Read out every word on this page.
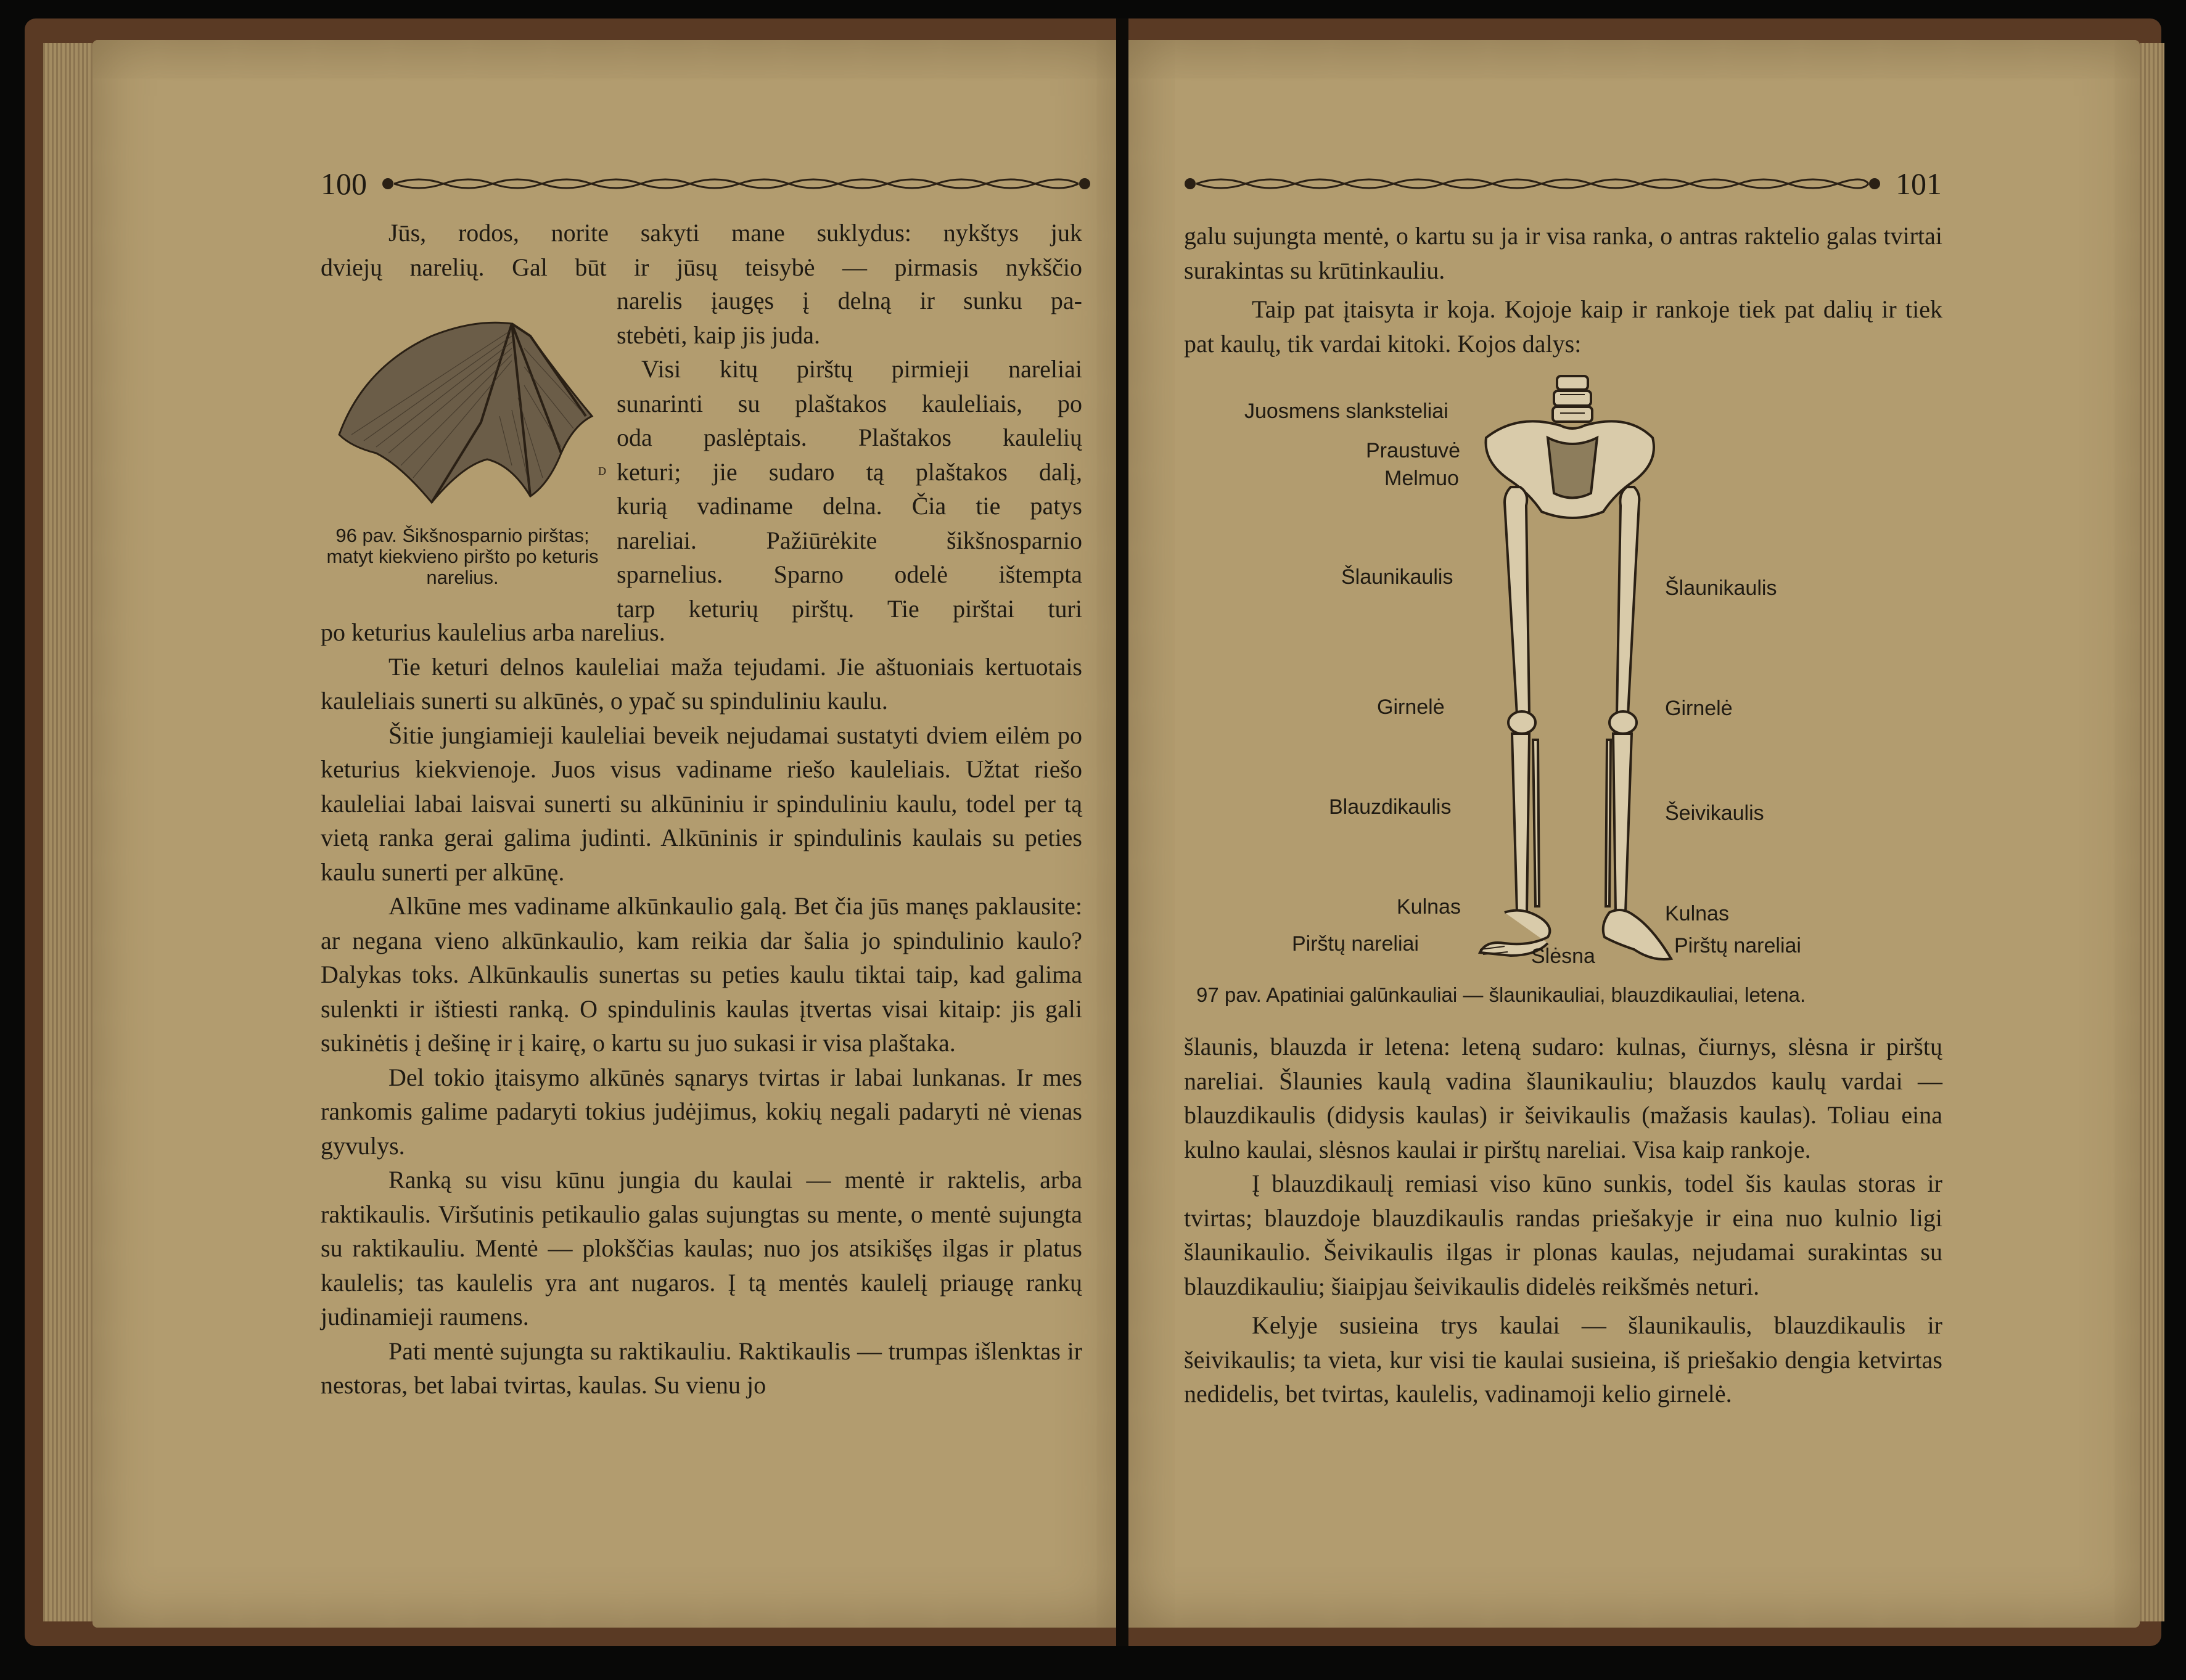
100

Jūs, rodos, norite sakyti mane suklydus: nykštys juk

dviejų narelių. Gal būt ir jūsų teisybė — pirmasis nykščio

D

narelis įaugęs į delną ir sunku pa-

stebėti, kaip jis juda.

Visi kitų pirštų pirmieji nareliai

sunarinti su plaštakos kauleliais, po

oda paslėptais. Plaštakos kaulelių

keturi; jie sudaro tą plaštakos dalį,

kurią vadiname delna. Čia tie patys

nareliai. Pažiūrėkite šikšnosparnio

sparnelius. Sparno odelė ištempta

tarp keturių pirštų. Tie pirštai turi

96 pav. Šikšnosparnio pirštas; matyt kiekvieno piršto po keturis narelius.

po keturius kaulelius arba narelius.

Tie keturi delnos kauleliai maža tejudami. Jie aštuoniais kertuotais kauleliais sunerti su alkūnės, o ypač su spinduliniu kaulu.

Šitie jungiamieji kauleliai beveik nejudamai sustatyti dviem eilėm po keturius kiekvienoje. Juos visus vadiname riešo kauleliais. Užtat riešo kauleliai labai laisvai sunerti su alkūniniu ir spinduliniu kaulu, todel per tą vietą ranka gerai galima judinti. Alkūninis ir spindulinis kaulais su peties kaulu sunerti per alkūnę.

Alkūne mes vadiname alkūnkaulio galą. Bet čia jūs manęs paklausite: ar negana vieno alkūnkaulio, kam reikia dar šalia jo spindulinio kaulo? Dalykas toks. Alkūnkaulis sunertas su peties kaulu tiktai taip, kad galima sulenkti ir ištiesti ranką. O spindulinis kaulas įtvertas visai kitaip: jis gali sukinėtis į dešinę ir į kairę, o kartu su juo sukasi ir visa plaštaka.

Del tokio įtaisymo alkūnės sąnarys tvirtas ir labai lunkanas. Ir mes rankomis galime padaryti tokius judėjimus, kokių negali padaryti nė vienas gyvulys.

Ranką su visu kūnu jungia du kaulai — mentė ir raktelis, arba raktikaulis. Viršutinis petikaulio galas sujungtas su mente, o mentė sujungta su raktikauliu. Mentė — plokščias kaulas; nuo jos atsikišęs ilgas ir platus kaulelis; tas kaulelis yra ant nugaros. Į tą mentės kaulelį priaugę rankų judinamieji raumens.

Pati mentė sujungta su raktikauliu. Raktikaulis — trumpas išlenktas ir nestoras, bet labai tvirtas, kaulas. Su vienu jo

101

galu sujungta mentė, o kartu su ja ir visa ranka, o antras raktelio galas tvirtai surakintas su krūtinkauliu.

Taip pat įtaisyta ir koja. Kojoje kaip ir rankoje tiek pat dalių ir tiek pat kaulų, tik vardai kitoki. Kojos dalys:

Juosmens slanksteliai
Praustuvė
Melmuo
Šlaunikaulis	Šlaunikaulis
Girnelė	Girnelė
Blauzdikaulis	Šeivikaulis
Kulnas	Kulnas
Pirštų nareliai	Pirštų nareliai
Slėsna
97 pav. Apatiniai galūnkauliai — šlaunikauliai, blauzdikauliai, letena.

šlaunis, blauzda ir letena: leteną sudaro: kulnas, čiurnys, slėsna ir pirštų nareliai. Šlaunies kaulą vadina šlaunikauliu; blauzdos kaulų vardai — blauzdikaulis (didysis kaulas) ir šeivikaulis (mažasis kaulas). Toliau eina kulno kaulai, slėsnos kaulai ir pirštų nareliai. Visa kaip rankoje.

Į blauzdikaulį remiasi viso kūno sunkis, todel šis kaulas storas ir tvirtas; blauzdoje blauzdikaulis randas priešakyje ir eina nuo kulnio ligi šlaunikaulio. Šeivikaulis ilgas ir plonas kaulas, nejudamai surakintas su blauzdikauliu; šiaipjau šeivikaulis didelės reikšmės neturi.

Kelyje susieina trys kaulai — šlaunikaulis, blauzdikaulis ir šeivikaulis; ta vieta, kur visi tie kaulai susieina, iš priešakio dengia ketvirtas nedidelis, bet tvirtas, kaulelis, vadinamoji kelio girnelė.
